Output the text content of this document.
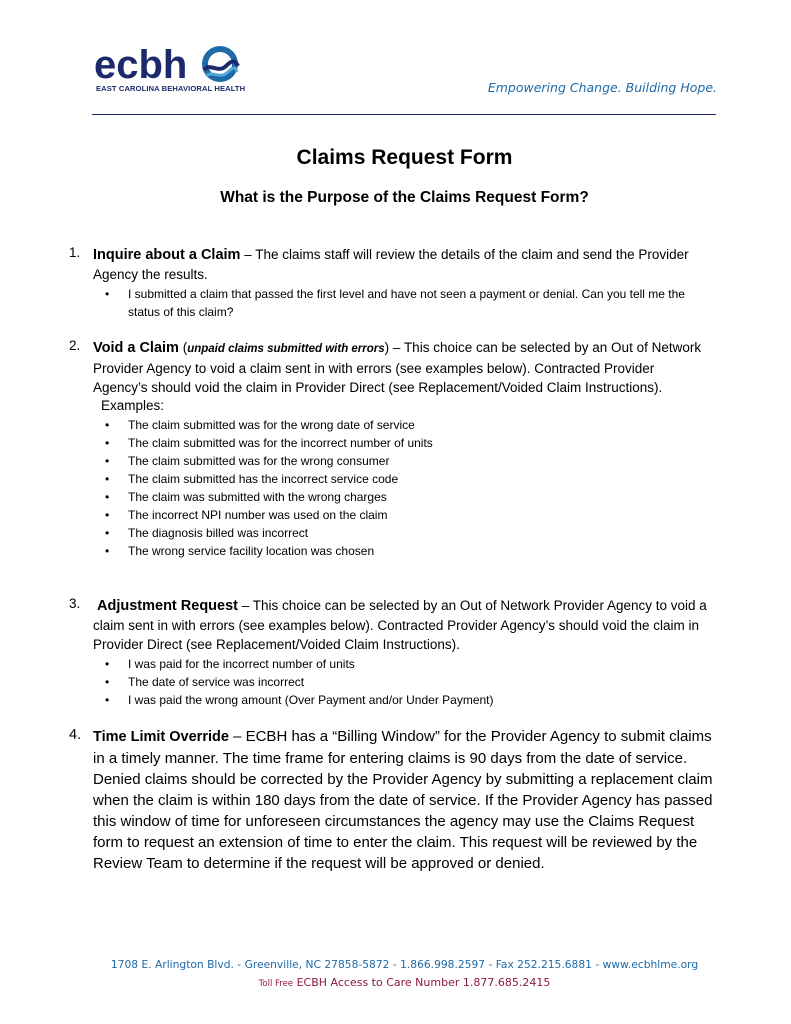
ecbh
EAST CAROLINA BEHAVIORAL HEALTH	Empowering Change. Building Hope.
Claims Request Form
What is the Purpose of the Claims Request Form?
1. Inquire about a Claim – The claims staff will review the details of the claim and send the Provider Agency the results.

• I submitted a claim that passed the first level and have not seen a payment or denial. Can you tell me the status of this claim?
2. Void a Claim (unpaid claims submitted with errors) – This choice can be selected by an Out of Network Provider Agency to void a claim sent in with errors (see examples below). Contracted Provider Agency’s should void the claim in Provider Direct (see Replacement/Voided Claim Instructions).

Examples:
• The claim submitted was for the wrong date of service
• The claim submitted was for the incorrect number of units
• The claim submitted was for the wrong consumer
• The claim submitted has the incorrect service code
• The claim was submitted with the wrong charges
• The incorrect NPI number was used on the claim
• The diagnosis billed was incorrect
• The wrong service facility location was chosen
3. Adjustment Request – This choice can be selected by an Out of Network Provider Agency to void a claim sent in with errors (see examples below). Contracted Provider Agency’s should void the claim in Provider Direct (see Replacement/Voided Claim Instructions).

• I was paid for the incorrect number of units
• The date of service was incorrect
• I was paid the wrong amount (Over Payment and/or Under Payment)
4. Time Limit Override – ECBH has a “Billing Window” for the Provider Agency to submit claims in a timely manner. The time frame for entering claims is 90 days from the date of service. Denied claims should be corrected by the Provider Agency by submitting a replacement claim when the claim is within 180 days from the date of service. If the Provider Agency has passed this window of time for unforeseen circumstances the agency may use the Claims Request form to request an extension of time to enter the claim. This request will be reviewed by the Review Team to determine if the request will be approved or denied.

1708 E. Arlington Blvd. - Greenville, NC 27858-5872 - 1.866.998.2597 - Fax 252.215.6881 - www.ecbhlme.org
Toll Free ECBH Access to Care Number 1.877.685.2415
